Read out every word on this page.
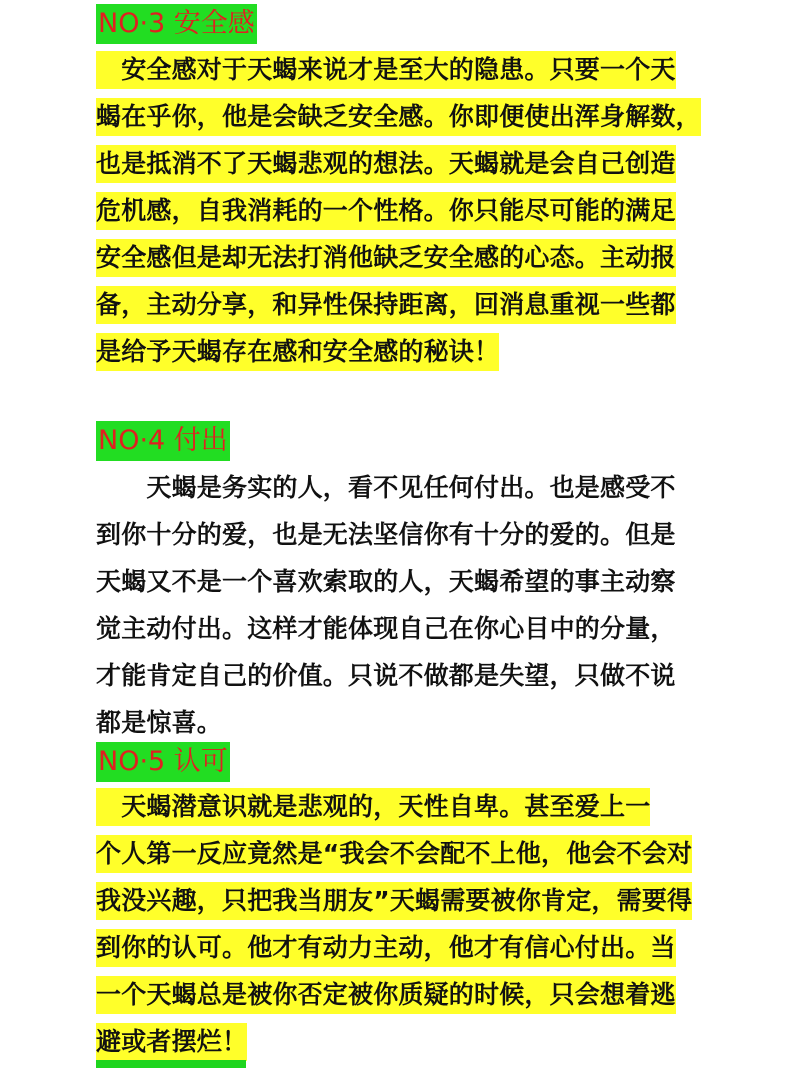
NO·3 安全感
　安全感对于天蝎来说才是至大的隐患。只要一个天
蝎在乎你，他是会缺乏安全感。你即便使出浑身解数，
也是抵消不了天蝎悲观的想法。天蝎就是会自己创造
危机感，自我消耗的一个性格。你只能尽可能的满足
安全感但是却无法打消他缺乏安全感的心态。主动报
备，主动分享，和异性保持距离，回消息重视一些都
是给予天蝎存在感和安全感的秘诀！
NO·4 付出
　　天蝎是务实的人，看不见任何付出。也是感受不
到你十分的爱，也是无法坚信你有十分的爱的。但是
天蝎又不是一个喜欢索取的人，天蝎希望的事主动察
觉主动付出。这样才能体现自己在你心目中的分量，
才能肯定自己的价值。只说不做都是失望，只做不说
都是惊喜。
NO·5 认可
　天蝎潜意识就是悲观的，天性自卑。甚至爱上一
个人第一反应竟然是“我会不会配不上他，他会不会对
我没兴趣，只把我当朋友”天蝎需要被你肯定，需要得
到你的认可。他才有动力主动，他才有信心付出。当
一个天蝎总是被你否定被你质疑的时候，只会想着逃
避或者摆烂！
